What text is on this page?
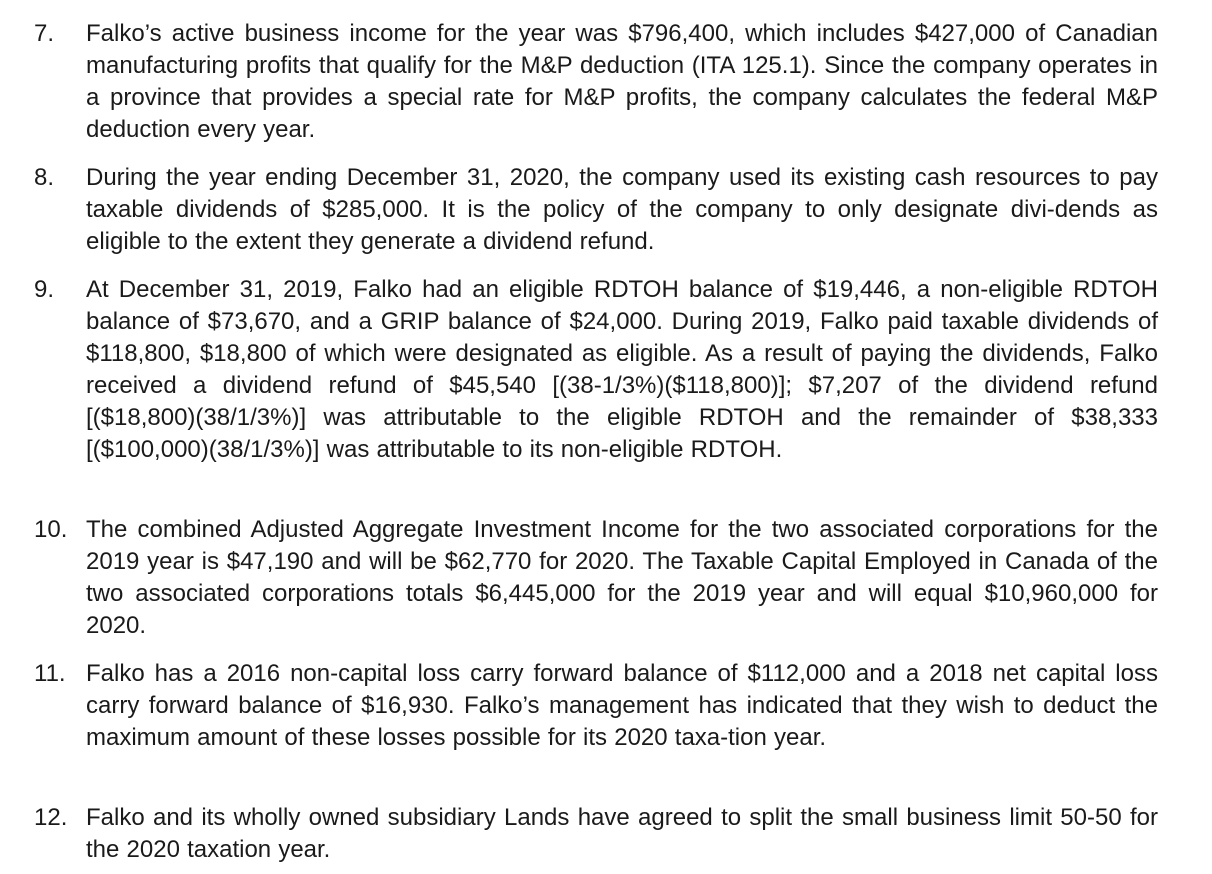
7. Falko’s active business income for the year was $796,400, which includes $427,000 of Canadian manufacturing profits that qualify for the M&P deduction (ITA 125.1). Since the company operates in a province that provides a special rate for M&P profits, the company calculates the federal M&P deduction every year.
8. During the year ending December 31, 2020, the company used its existing cash resources to pay taxable dividends of $285,000. It is the policy of the company to only designate divi-dends as eligible to the extent they generate a dividend refund.
9. At December 31, 2019, Falko had an eligible RDTOH balance of $19,446, a non-eligible RDTOH balance of $73,670, and a GRIP balance of $24,000. During 2019, Falko paid taxable dividends of $118,800, $18,800 of which were designated as eligible. As a result of paying the dividends, Falko received a dividend refund of $45,540 [(38-1/3%)($118,800)]; $7,207 of the dividend refund [($18,800)(38/1/3%)] was attributable to the eligible RDTOH and the remainder of $38,333 [($100,000)(38/1/3%)] was attributable to its non-eligible RDTOH.
10. The combined Adjusted Aggregate Investment Income for the two associated corporations for the 2019 year is $47,190 and will be $62,770 for 2020. The Taxable Capital Employed in Canada of the two associated corporations totals $6,445,000 for the 2019 year and will equal $10,960,000 for 2020.
11. Falko has a 2016 non-capital loss carry forward balance of $112,000 and a 2018 net capital loss carry forward balance of $16,930. Falko’s management has indicated that they wish to deduct the maximum amount of these losses possible for its 2020 taxa-tion year.
12. Falko and its wholly owned subsidiary Lands have agreed to split the small business limit 50-50 for the 2020 taxation year.
